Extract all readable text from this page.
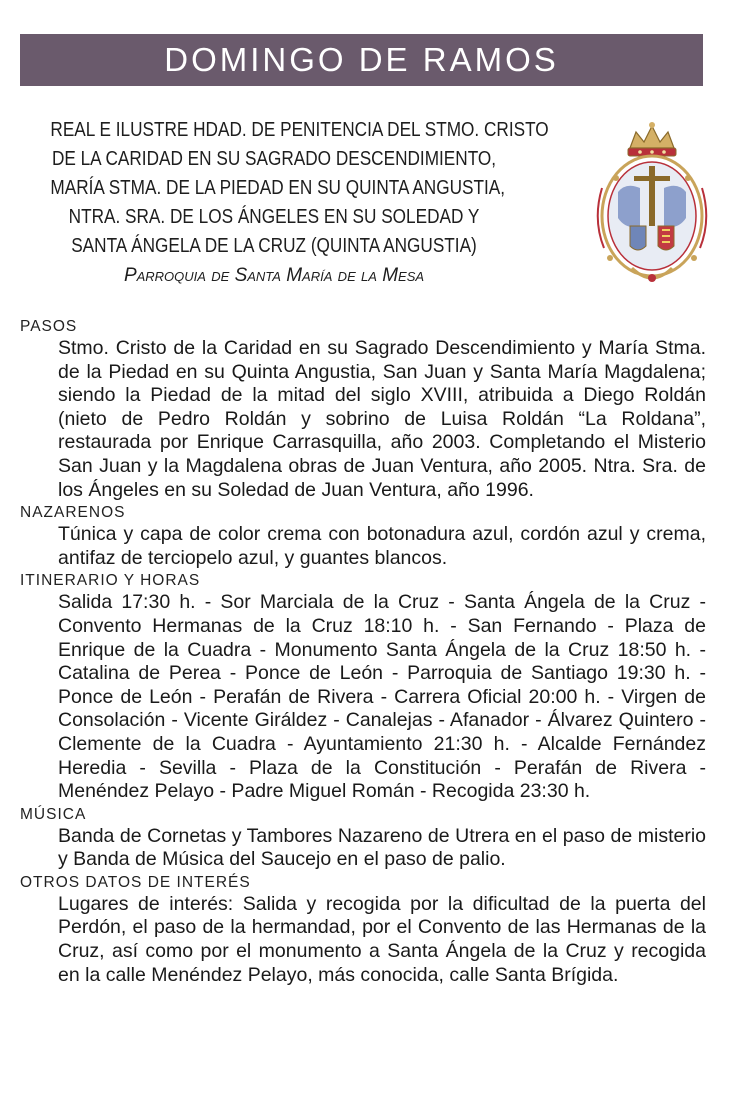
DOMINGO DE RAMOS
REAL E ILUSTRE HDAD. DE PENITENCIA DEL STMO. CRISTO
DE LA CARIDAD EN SU SAGRADO DESCENDIMIENTO,
MARÍA STMA. DE LA PIEDAD EN SU QUINTA ANGUSTIA,
NTRA. SRA. DE LOS ÁNGELES EN SU SOLEDAD Y
SANTA ÁNGELA DE LA CRUZ (QUINTA ANGUSTIA)
Parroquia de Santa María de la Mesa
PASOS
Stmo. Cristo de la Caridad en su Sagrado Descendimiento y María Stma. de la Piedad en su Quinta Angustia, San Juan y Santa María Magdalena; siendo la Piedad de la mitad del siglo XVIII, atribuida a Diego Roldán (nieto de Pedro Roldán y sobrino de Luisa Roldán “La Roldana”, restaurada por Enrique Carrasquilla, año 2003. Completando el Misterio San Juan y la Magdalena obras de Juan Ventura, año 2005. Ntra. Sra. de los Ángeles en su Soledad de Juan Ventura, año 1996.
NAZARENOS
Túnica y capa de color crema con botonadura azul, cordón azul y crema, antifaz de terciopelo azul, y guantes blancos.
ITINERARIO Y HORAS
Salida 17:30 h. - Sor Marciala de la Cruz - Santa Ángela de la Cruz - Convento Hermanas de la Cruz 18:10 h. - San Fernando - Plaza de Enrique de la Cuadra - Monumento Santa Ángela de la Cruz 18:50 h. - Catalina de Perea - Ponce de León - Parroquia de Santiago 19:30 h. - Ponce de León - Perafán de Rivera - Carrera Oficial 20:00 h. - Virgen de Consolación - Vicente Giráldez - Canalejas - Afanador - Álvarez Quintero - Clemente de la Cuadra - Ayuntamiento 21:30 h. - Alcalde Fernández Heredia - Sevilla - Plaza de la Constitución - Perafán de Rivera - Menéndez Pelayo - Padre Miguel Román - Recogida 23:30 h.
MÚSICA
Banda de Cornetas y Tambores Nazareno de Utrera en el paso de misterio y Banda de Música del Saucejo en el paso de palio.
OTROS DATOS DE INTERÉS
Lugares de interés: Salida y recogida por la dificultad de la puerta del Perdón, el paso de la hermandad, por el Convento de las Hermanas de la Cruz, así como por el monumento a Santa Ángela de la Cruz y recogida en la calle Menéndez Pelayo, más conocida, calle Santa Brígida.
